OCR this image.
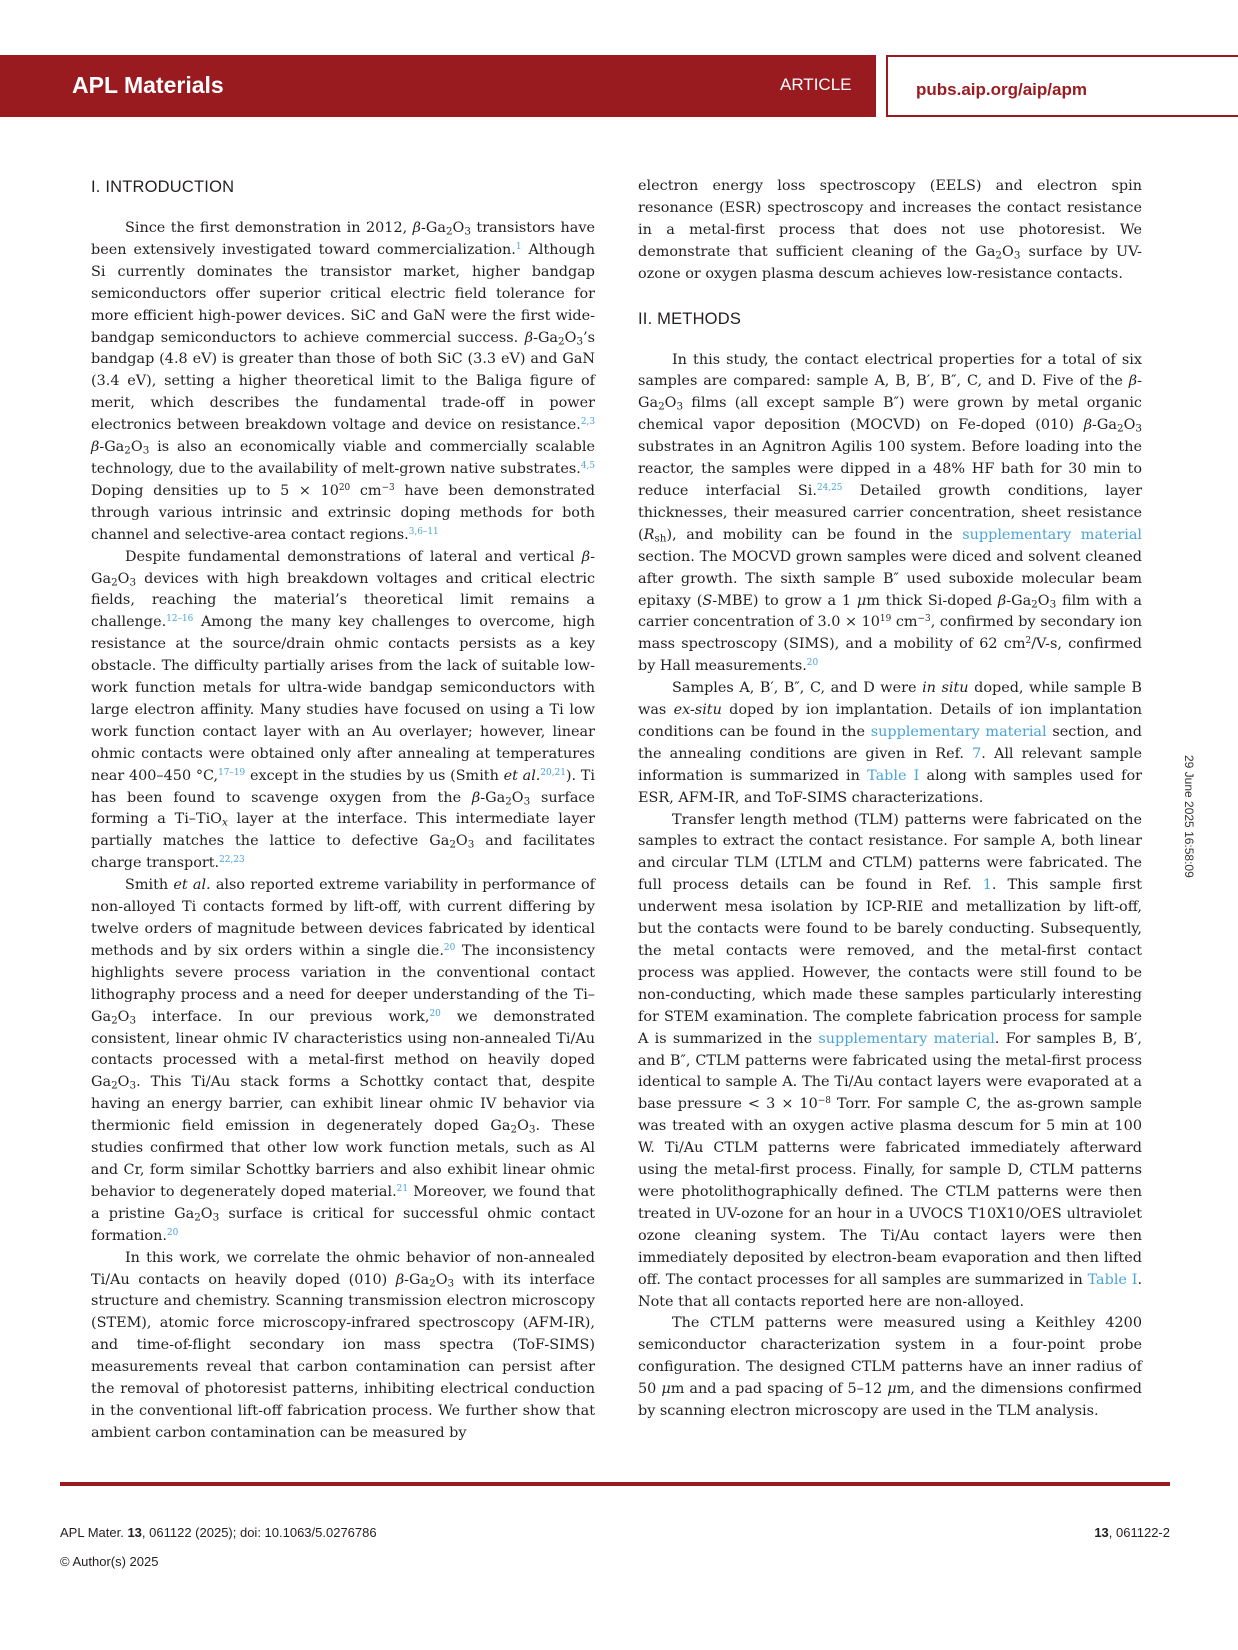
APL Materials	ARTICLE	pubs.aip.org/aip/apm
I. INTRODUCTION

Since the first demonstration in 2012, $\beta-Ga_2O_3$ transistors have been extensively investigated toward commercialization.$^1$ Although Si currently dominates the transistor market, higher bandgap semiconductors offer superior critical electric field tolerance for more efficient high-power devices. SiC and GaN were the first wide-bandgap semiconductors to achieve commercial success. $\beta-Ga_2O_3’s$ bandgap (4.8 eV) is greater than those of both SiC (3.3 eV) and GaN (3.4 eV), setting a higher theoretical limit to the Baliga figure of merit, which describes the fundamental trade-off in power electronics between breakdown voltage and device on resistance.$^{2,3}$ $\beta-Ga_2O_3$ is also an economically viable and commercially scalable technology, due to the availability of melt-grown native substrates.$^{4,5}$ Doping densities up to $5 \times 10^{20}$ $cm^{-3}$ have been demonstrated through various intrinsic and extrinsic doping methods for both channel and selective-area contact regions.$^{3,6-11}$

Despite fundamental demonstrations of lateral and vertical $\beta-Ga_2O_3$ devices with high breakdown voltages and critical electric fields, reaching the material’s theoretical limit remains a challenge.$^{12-16}$ Among the many key challenges to overcome, high resistance at the source/drain ohmic contacts persists as a key obstacle. The difficulty partially arises from the lack of suitable low-work function metals for ultra-wide bandgap semiconductors with large electron affinity. Many studies have focused on using a Ti low work function contact layer with an Au overlayer; however, linear ohmic contacts were obtained only after annealing at temperatures near 400–450 °C,$^{17-19}$ except in the studies by us (Smith et al.$^{20,21}$). Ti has been found to scavenge oxygen from the $\beta-Ga_2O_3$ surface forming a Ti–TiO$_x$ layer at the interface. This intermediate layer partially matches the lattice to defective $Ga_2O_3$ and facilitates charge transport.$^{22,23}$

Smith et al. also reported extreme variability in performance of non-alloyed Ti contacts formed by lift-off, with current differing by twelve orders of magnitude between devices fabricated by identical methods and by six orders within a single die.$^{20}$ The inconsistency highlights severe process variation in the conventional contact lithography process and a need for deeper understanding of the $Ti-Ga_2O_3$ interface. In our previous work,$^{20}$ we demonstrated consistent, linear ohmic IV characteristics using non-annealed Ti/Au contacts processed with a metal-first method on heavily doped $Ga_2O_3$. This Ti/Au stack forms a Schottky contact that, despite having an energy barrier, can exhibit linear ohmic IV behavior via thermionic field emission in degenerately doped $Ga_2O_3$. These studies confirmed that other low work function metals, such as Al and Cr, form similar Schottky barriers and also exhibit linear ohmic behavior to degenerately doped material.$^{21}$ Moreover, we found that a pristine $Ga_2O_3$ surface is critical for successful ohmic contact formation.$^{20}$

In this work, we correlate the ohmic behavior of non-annealed Ti/Au contacts on heavily doped (010) $\beta-Ga_2O_3$ with its interface structure and chemistry. Scanning transmission electron microscopy (STEM), atomic force microscopy-infrared spectroscopy (AFM-IR), and time-of-flight secondary ion mass spectra (ToF-SIMS) measurements reveal that carbon contamination can persist after the removal of photoresist patterns, inhibiting electrical conduction in the conventional lift-off fabrication process. We further show that ambient carbon contamination can be measured by

electron energy loss spectroscopy (EELS) and electron spin resonance (ESR) spectroscopy and increases the contact resistance in a metal-first process that does not use photoresist. We demonstrate that sufficient cleaning of the $Ga_2O_3$ surface by UV-ozone or oxygen plasma descum achieves low-resistance contacts.

II. METHODS

In this study, the contact electrical properties for a total of six samples are compared: sample A, B, B′, B″, C, and D. Five of the $\beta-Ga_2O_3$ films (all except sample B″) were grown by metal organic chemical vapor deposition (MOCVD) on Fe-doped (010) $\beta-Ga_2O_3$ substrates in an Agnitron Agilis 100 system. Before loading into the reactor, the samples were dipped in a 48% HF bath for 30 min to reduce interfacial Si.$^{24,25}$ Detailed growth conditions, layer thicknesses, their measured carrier concentration, sheet resistance $(R_{sh})$, and mobility can be found in the supplementary material section. The MOCVD grown samples were diced and solvent cleaned after growth. The sixth sample B″ used suboxide molecular beam epitaxy (S-MBE) to grow a 1 μm thick Si-doped $\beta-Ga_2O_3$ film with a carrier concentration of $3.0 \times 10^{19}$ $cm^{-3}$, confirmed by secondary ion mass spectroscopy (SIMS), and a mobility of 62 $cm^2/V-s$, confirmed by Hall measurements.$^{20}$

Samples A, B′, B″, C, and D were in situ doped, while sample B was ex-situ doped by ion implantation. Details of ion implantation conditions can be found in the supplementary material section, and the annealing conditions are given in Ref. 7. All relevant sample information is summarized in Table I along with samples used for ESR, AFM-IR, and ToF-SIMS characterizations.

Transfer length method (TLM) patterns were fabricated on the samples to extract the contact resistance. For sample A, both linear and circular TLM (LTLM and CTLM) patterns were fabricated. The full process details can be found in Ref. 1. This sample first underwent mesa isolation by ICP-RIE and metallization by lift-off, but the contacts were found to be barely conducting. Subsequently, the metal contacts were removed, and the metal-first contact process was applied. However, the contacts were still found to be non-conducting, which made these samples particularly interesting for STEM examination. The complete fabrication process for sample A is summarized in the supplementary material. For samples B, B′, and B″, CTLM patterns were fabricated using the metal-first process identical to sample A. The Ti/Au contact layers were evaporated at a base pressure < $3 \times 10^{-8}$ Torr. For sample C, the as-grown sample was treated with an oxygen active plasma descum for 5 min at 100 W. Ti/Au CTLM patterns were fabricated immediately afterward using the metal-first process. Finally, for sample D, CTLM patterns were photolithographically defined. The CTLM patterns were then treated in UV-ozone for an hour in a UVOCS T10X10/OES ultraviolet ozone cleaning system. The Ti/Au contact layers were then immediately deposited by electron-beam evaporation and then lifted off. The contact processes for all samples are summarized in Table I. Note that all contacts reported here are non-alloyed.

The CTLM patterns were measured using a Keithley 4200 semiconductor characterization system in a four-point probe configuration. The designed CTLM patterns have an inner radius of 50 μm and a pad spacing of 5–12 μm, and the dimensions confirmed by scanning electron microscopy are used in the TLM analysis.

29 June 2025 16:58:09
APL Mater. 13, 061122 (2025); doi: 10.1063/5.0276786
© Author(s) 2025
13, 061122-2
